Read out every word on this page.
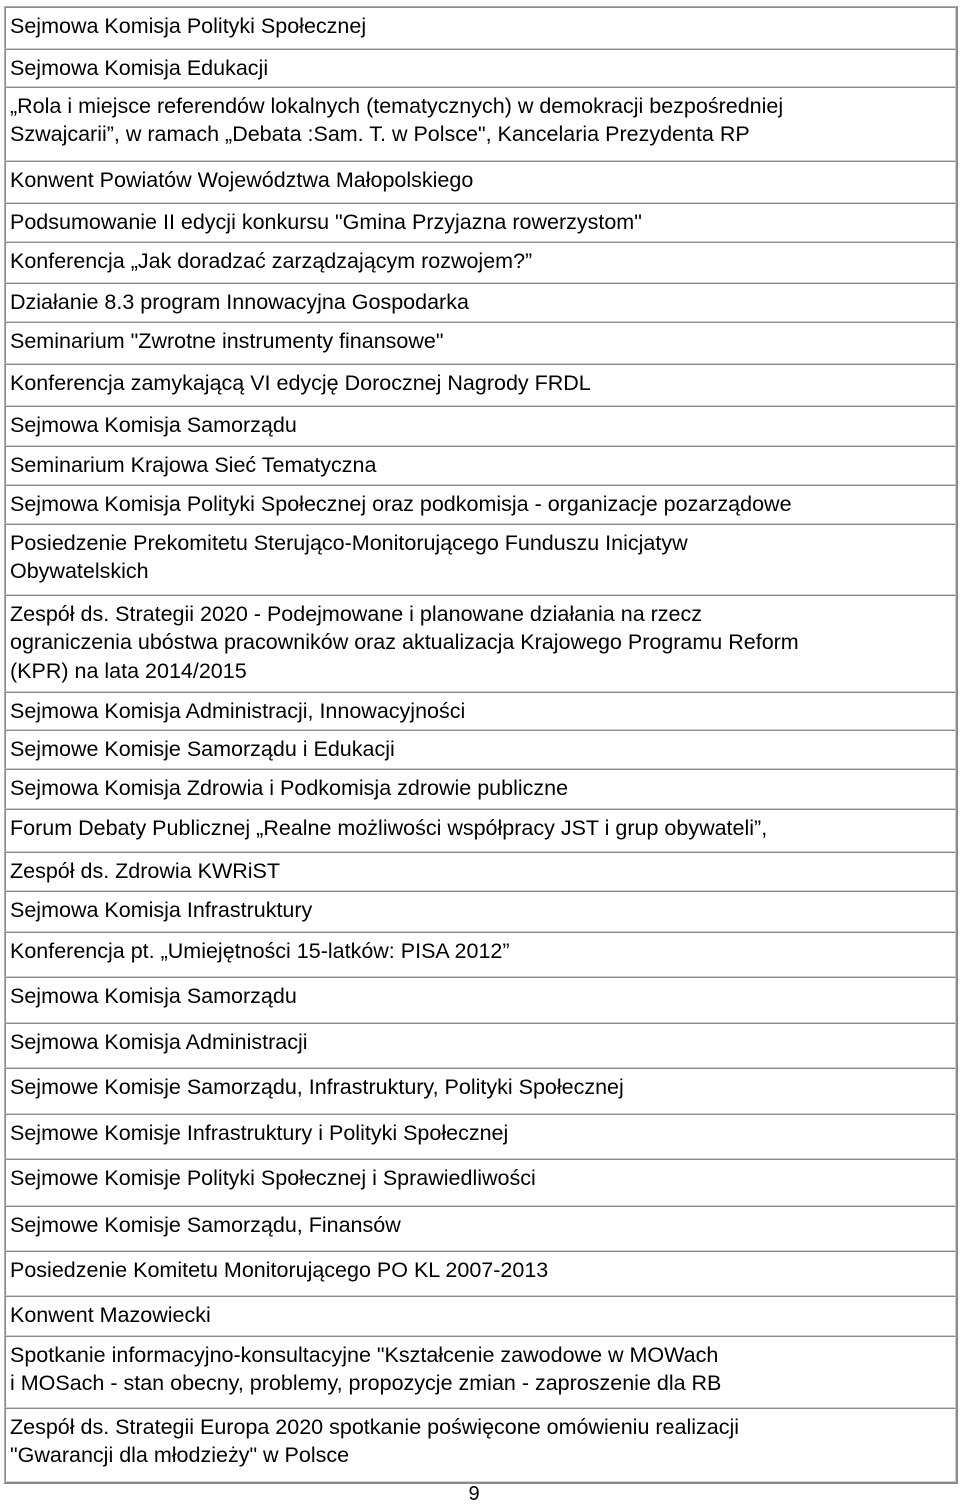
Sejmowa Komisja Polityki Społecznej
Sejmowa Komisja Edukacji
„Rola i miejsce referendów lokalnych (tematycznych) w demokracji bezpośredniej
Szwajcarii”, w ramach „Debata :Sam. T. w Polsce", Kancelaria Prezydenta RP
Konwent Powiatów Województwa Małopolskiego
Podsumowanie II edycji konkursu "Gmina Przyjazna rowerzystom"
Konferencja „Jak doradzać zarządzającym rozwojem?”
Działanie 8.3 program Innowacyjna Gospodarka
Seminarium "Zwrotne instrumenty finansowe"
Konferencja zamykającą VI edycję Dorocznej Nagrody FRDL
Sejmowa Komisja Samorządu
Seminarium Krajowa Sieć Tematyczna
Sejmowa Komisja Polityki Społecznej oraz podkomisja - organizacje pozarządowe
Posiedzenie Prekomitetu Sterująco-Monitorującego Funduszu Inicjatyw
Obywatelskich
Zespół ds. Strategii 2020 - Podejmowane i planowane działania na rzecz
ograniczenia ubóstwa pracowników oraz aktualizacja Krajowego Programu Reform
(KPR) na lata 2014/2015
Sejmowa Komisja Administracji, Innowacyjności
Sejmowe Komisje Samorządu i Edukacji
Sejmowa Komisja Zdrowia i Podkomisja zdrowie publiczne
Forum Debaty Publicznej „Realne możliwości współpracy JST i grup obywateli”,
Zespół ds. Zdrowia KWRiST
Sejmowa Komisja Infrastruktury
Konferencja pt. „Umiejętności 15-latków: PISA 2012”
Sejmowa Komisja Samorządu
Sejmowa Komisja Administracji
Sejmowe Komisje Samorządu, Infrastruktury, Polityki Społecznej
Sejmowe Komisje Infrastruktury i Polityki Społecznej
Sejmowe Komisje Polityki Społecznej i Sprawiedliwości
Sejmowe Komisje Samorządu, Finansów
Posiedzenie Komitetu Monitorującego PO KL 2007-2013
Konwent Mazowiecki
Spotkanie informacyjno-konsultacyjne "Kształcenie zawodowe w MOWach
i MOSach - stan obecny, problemy, propozycje zmian - zaproszenie dla RB
Zespół ds. Strategii Europa 2020 spotkanie poświęcone omówieniu realizacji
"Gwarancji dla młodzieży" w Polsce
9
